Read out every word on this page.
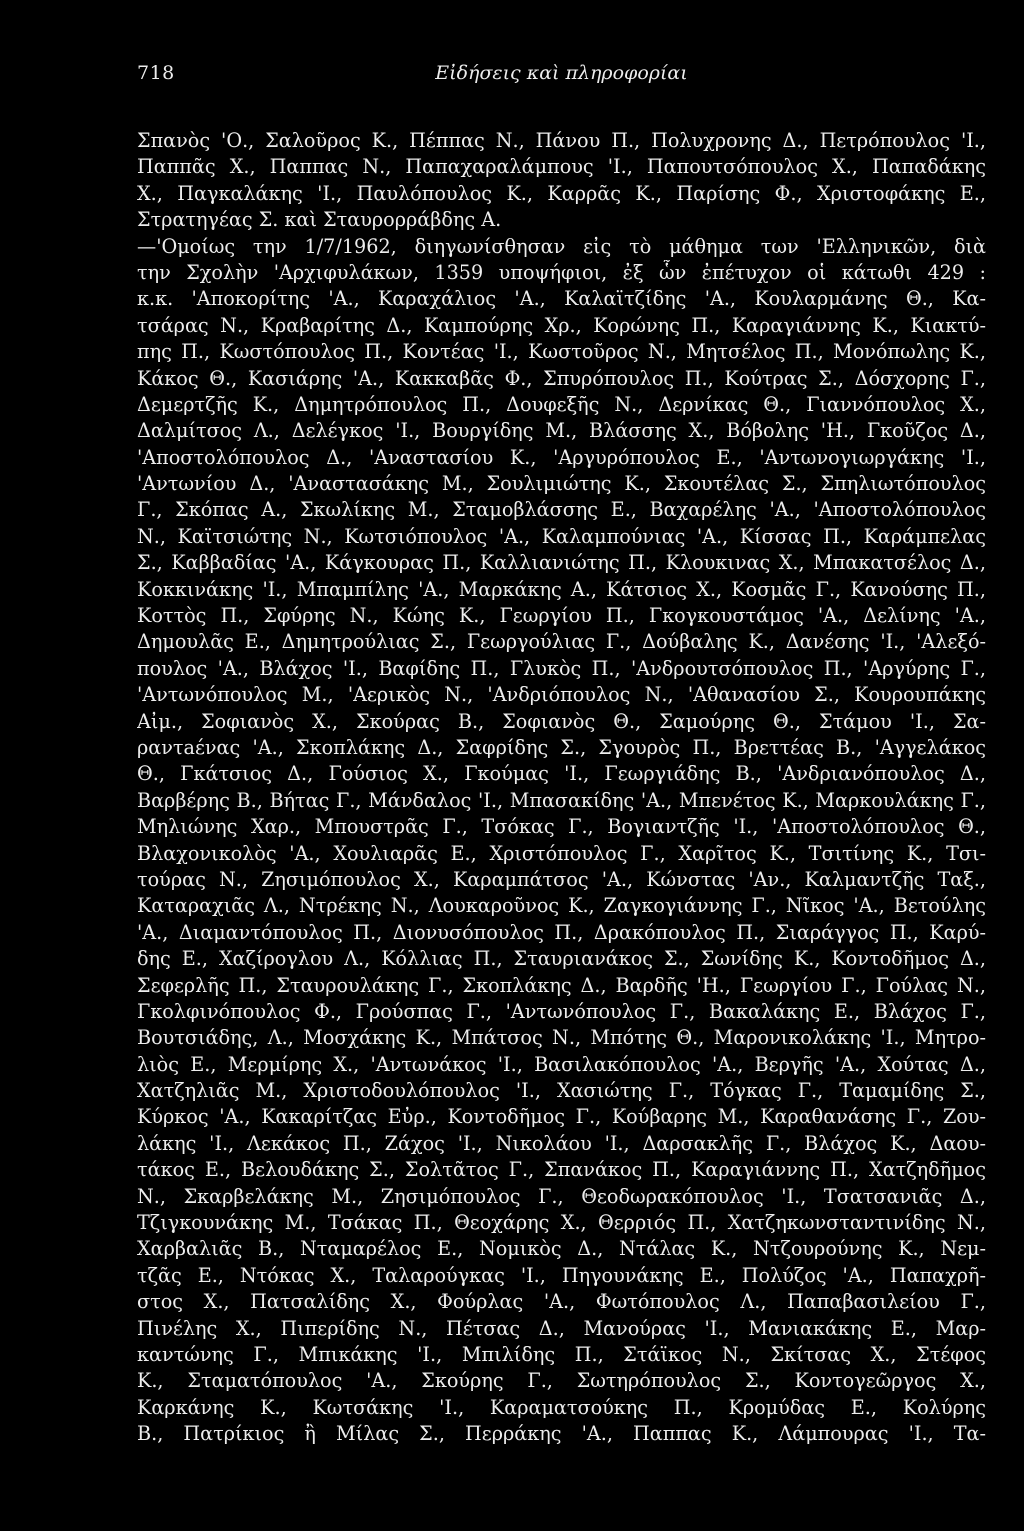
718	Εἰδήσεις καὶ πληροφορίαι
Σπανὸς 'Ο., Σαλοῦρος Κ., Πέππας Ν., Πάνου Π., Πολυχρονης Δ., Πετρόπουλος 'Ι.,
Παππᾶς Χ., Παππας Ν., Παπαχαραλάμπους 'Ι., Παπουτσόπουλος Χ., Παπαδάκης
Χ., Παγκαλάκης 'Ι., Παυλόπουλος Κ., Καρρᾶς Κ., Παρίσης Φ., Χριστοφάκης Ε.,
Στρατηγέας Σ. καὶ Σταυρορράβδης Α.
—'Ομοίως την 1/7/1962, διηγωνίσθησαν εἰς τὸ μάθημα των 'Ελληνικῶν, διὰ
την Σχολὴν 'Αρχιφυλάκων, 1359 υποψήφιοι, ἐξ ὧν ἐπέτυχον οἱ κάτωθι 429 :
κ.κ. 'Αποκορίτης 'Α., Καραχάλιος 'Α., Καλαϊτζίδης 'Α., Κουλαρμάνης Θ., Κα-
τσάρας Ν., Κραβαρίτης Δ., Καμπούρης Χρ., Κορώνης Π., Καραγιάννης Κ., Κιακτύ-
πης Π., Κωστόπουλος Π., Κοντέας 'Ι., Κωστοῦρος Ν., Μητσέλος Π., Μονόπωλης Κ.,
Κάκος Θ., Κασιάρης 'Α., Κακκαβᾶς Φ., Σπυρόπουλος Π., Κούτρας Σ., Δόσχορης Γ.,
Δεμερτζῆς Κ., Δημητρόπουλος Π., Δουφεξῆς Ν., Δερνίκας Θ., Γιαννόπουλος Χ.,
Δαλμίτσος Λ., Δελέγκος 'Ι., Βουργίδης Μ., Βλάσσης Χ., Βόβολης 'Η., Γκοῦζος Δ.,
'Αποστολόπουλος Δ., 'Αναστασίου Κ., 'Αργυρόπουλος Ε., 'Αντωνογιωργάκης 'Ι.,
'Αντωνίου Δ., 'Αναστασάκης Μ., Σουλιμιώτης Κ., Σκουτέλας Σ., Σπηλιωτόπουλος
Γ., Σκόπας Α., Σκωλίκης Μ., Σταμοβλάσσης Ε., Βαχαρέλης 'Α., 'Αποστολόπουλος
Ν., Καϊτσιώτης Ν., Κωτσιόπουλος 'Α., Καλαμπούνιας 'Α., Κίσσας Π., Καράμπελας
Σ., Καββαδίας 'Α., Κάγκουρας Π., Καλλιανιώτης Π., Κλουκινας Χ., Μπακατσέλος Δ.,
Κοκκινάκης 'Ι., Μπαμπίλης 'Α., Μαρκάκης Α., Κάτσιος Χ., Κοσμᾶς Γ., Κανούσης Π.,
Κοττὸς Π., Σφύρης Ν., Κώης Κ., Γεωργίου Π., Γκογκουστάμος 'Α., Δελίνης 'Α.,
Δημουλᾶς Ε., Δημητρούλιας Σ., Γεωργούλιας Γ., Δούβαλης Κ., Δανέσης 'Ι., 'Αλεξό-
πουλος 'Α., Βλάχος 'Ι., Βαφίδης Π., Γλυκὸς Π., 'Ανδρουτσόπουλος Π., 'Αργύρης Γ.,
'Αντωνόπουλος Μ., 'Αερικὸς Ν., 'Ανδριόπουλος Ν., 'Αθανασίου Σ., Κουρουπάκης
Αἰμ., Σοφιανὸς Χ., Σκούρας Β., Σοφιανὸς Θ., Σαμούρης Θ., Στάμου 'Ι., Σα-
ραντaένας 'Α., Σκοπλάκης Δ., Σαφρίδης Σ., Σγουρὸς Π., Βρεττέας Β., 'Αγγελάκος
Θ., Γκάτσιος Δ., Γούσιος Χ., Γκούμας 'Ι., Γεωργιάδης Β., 'Ανδριανόπουλος Δ.,
Βαρβέρης Β., Βήτας Γ., Μάνδαλος 'Ι., Μπασακίδης 'Α., Μπενέτος Κ., Μαρκουλάκης Γ.,
Μηλιώνης Χαρ., Μπουστρᾶς Γ., Τσόκας Γ., Βογιαντζῆς 'Ι., 'Αποστολόπουλος Θ.,
Βλαχονικολὸς 'Α., Χουλιαρᾶς Ε., Χριστόπουλος Γ., Χαρῖτος Κ., Τσιτίνης Κ., Τσι-
τούρας Ν., Ζησιμόπουλος Χ., Καραμπάτσος 'Α., Κώνστας 'Αν., Καλμαντζῆς Ταξ.,
Καταραχιᾶς Λ., Ντρέκης Ν., Λουκαροῦνος Κ., Ζαγκογιάννης Γ., Νῖκος 'Α., Βετούλης
'Α., Διαμαντόπουλος Π., Διονυσόπουλος Π., Δρακόπουλος Π., Σιαράγγος Π., Καρύ-
δης Ε., Χαζίρογλου Λ., Κόλλιας Π., Σταυριανάκος Σ., Σωνίδης Κ., Κοντοδῆμος Δ.,
Σεφερλῆς Π., Σταυρουλάκης Γ., Σκοπλάκης Δ., Βαρδῆς 'Η., Γεωργίου Γ., Γούλας Ν.,
Γκολφινόπουλος Φ., Γρούσπας Γ., 'Αντωνόπουλος Γ., Βακαλάκης Ε., Βλάχος Γ.,
Βουτσιάδης, Λ., Μοσχάκης Κ., Μπάτσος Ν., Μπότης Θ., Μαρονικολάκης 'Ι., Μητρο-
λιὸς Ε., Μερμίρης Χ., 'Αντωνάκος 'Ι., Βασιλακόπουλος 'Α., Βεργῆς 'Α., Χούτας Δ.,
Χατζηλιᾶς Μ., Χριστοδουλόπουλος 'Ι., Χασιώτης Γ., Τόγκας Γ., Ταμαμίδης Σ.,
Κύρκος 'Α., Κακαρίτζας Εὐρ., Κοντοδῆμος Γ., Κούβαρης Μ., Καραθανάσης Γ., Ζου-
λάκης 'Ι., Λεκάκος Π., Ζάχος 'Ι., Νικολάου 'Ι., Δαρσακλῆς Γ., Βλάχος Κ., Δαου-
τάκος Ε., Βελουδάκης Σ., Σολτᾶτος Γ., Σπανάκος Π., Καραγιάννης Π., Χατζηδῆμος
Ν., Σκαρβελάκης Μ., Ζησιμόπουλος Γ., Θεοδωρακόπουλος 'Ι., Τσατσανιᾶς Δ.,
Τζιγκουνάκης Μ., Τσάκας Π., Θεοχάρης Χ., Θερριός Π., Χατζηκωνσταντινίδης Ν.,
Χαρβαλιᾶς Β., Νταμαρέλος Ε., Νομικὸς Δ., Ντάλας Κ., Ντζουρούνης Κ., Νεμ-
τζᾶς Ε., Ντόκας Χ., Ταλαρούγκας 'Ι., Πηγουνάκης Ε., Πολύζος 'Α., Παπαχρῆ-
στος Χ., Πατσαλίδης Χ., Φούρλας 'Α., Φωτόπουλος Λ., Παπαβασιλείου Γ.,
Πινέλης Χ., Πιπερίδης Ν., Πέτσας Δ., Μανούρας 'Ι., Μανιακάκης Ε., Μαρ-
καντώνης Γ., Μπικάκης 'Ι., Μπιλίδης Π., Στάϊκος Ν., Σκίτσας Χ., Στέφος
Κ., Σταματόπουλος 'Α., Σκούρης Γ., Σωτηρόπουλος Σ., Κοντογεῶργος Χ.,
Καρκάνης Κ., Κωτσάκης 'Ι., Καραματσούκης Π., Κρομύδας Ε., Κολύρης
Β., Πατρίκιος ἢ Μίλας Σ., Περράκης 'Α., Παππας Κ., Λάμπουρας 'Ι., Τα-
